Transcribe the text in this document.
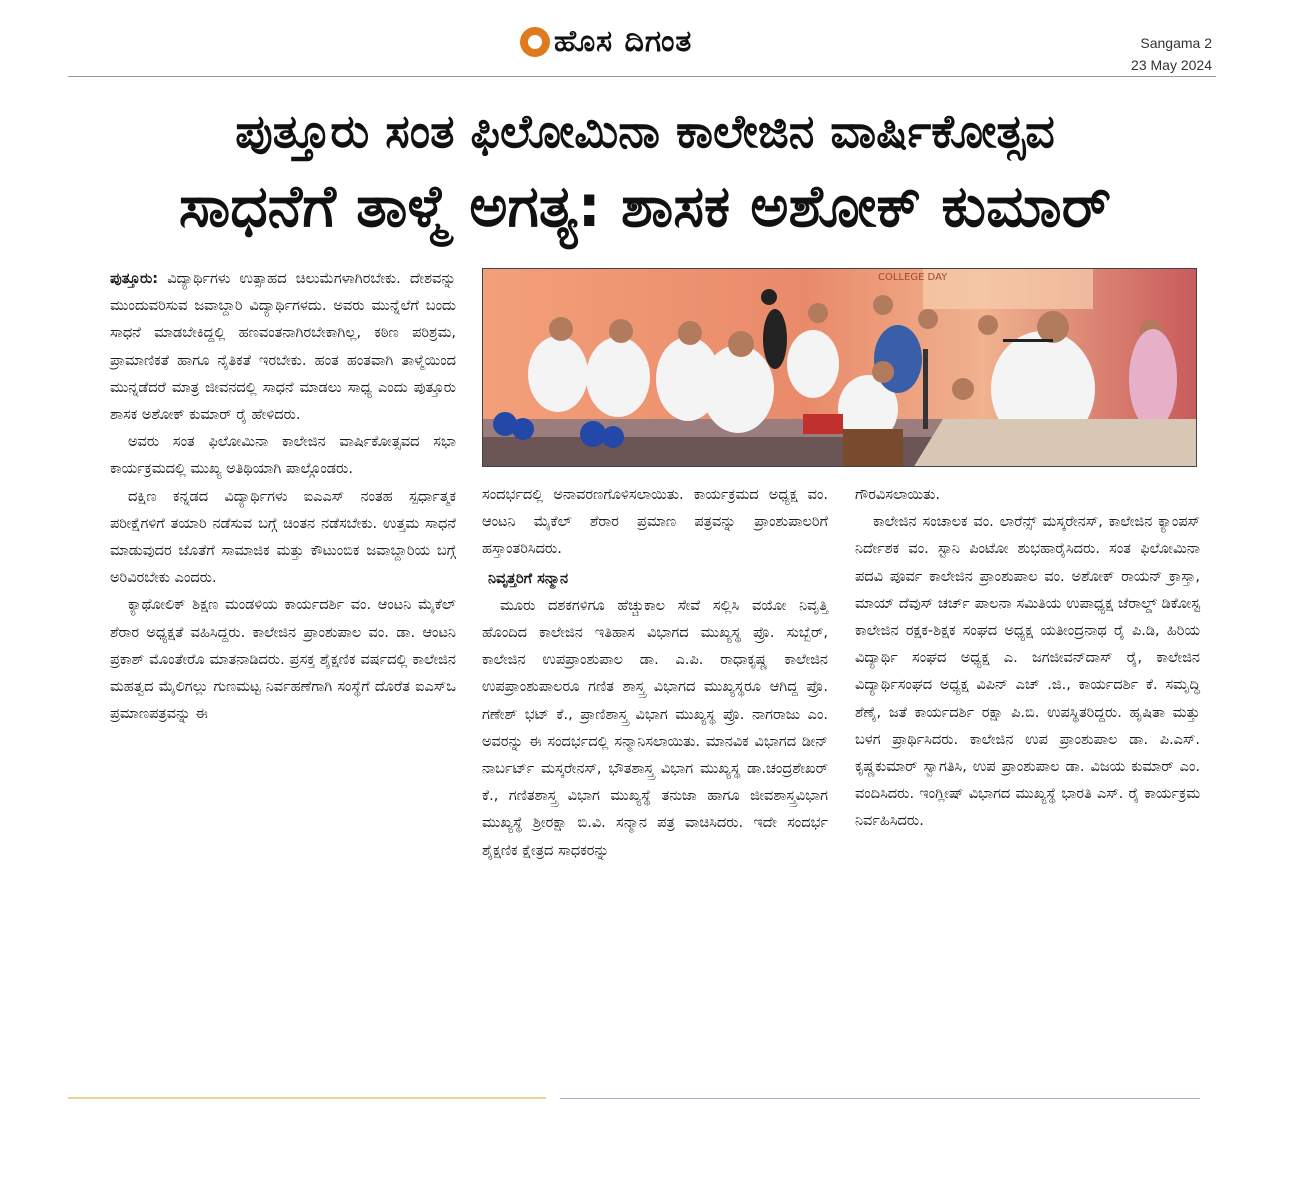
ಹೊಸ ದಿಗಂತ	Sangama 2
23 May 2024
ಪುತ್ತೂರು ಸಂತ ಫಿಲೋಮಿನಾ ಕಾಲೇಜಿನ ವಾರ್ಷಿಕೋತ್ಸವ
ಸಾಧನೆಗೆ ತಾಳ್ಮೆ ಅಗತ್ಯ: ಶಾಸಕ ಅಶೋಕ್ ಕುಮಾರ್

ಪುತ್ತೂರು: ವಿದ್ಯಾರ್ಥಿಗಳು ಉತ್ಸಾಹದ ಚಿಲುಮೆಗಳಾಗಿರಬೇಕು. ದೇಶವನ್ನು ಮುಂದುವರಿಸುವ ಜವಾಬ್ದಾರಿ ವಿದ್ಯಾರ್ಥಿಗಳದು. ಅವರು ಮುನ್ನೆಲೆಗೆ ಬಂದು ಸಾಧನೆ ಮಾಡಬೇಕಿದ್ದಲ್ಲಿ ಹಣವಂತನಾಗಿರಬೇಕಾಗಿಲ್ಲ, ಕಠಿಣ ಪರಿಶ್ರಮ, ಪ್ರಾಮಾಣಿಕತೆ ಹಾಗೂ ನೈತಿಕತೆ ಇರಬೇಕು. ಹಂತ ಹಂತವಾಗಿ ತಾಳ್ಮೆಯಿಂದ ಮುನ್ನಡೆದರೆ ಮಾತ್ರ ಜೀವನದಲ್ಲಿ ಸಾಧನೆ ಮಾಡಲು ಸಾಧ್ಯ ಎಂದು ಪುತ್ತೂರು ಶಾಸಕ ಅಶೋಕ್ ಕುಮಾರ್ ರೈ ಹೇಳಿದರು.

ಅವರು ಸಂತ ಫಿಲೋಮಿನಾ ಕಾಲೇಜಿನ ವಾರ್ಷಿಕೋತ್ಸವದ ಸಭಾ ಕಾರ್ಯಕ್ರಮದಲ್ಲಿ ಮುಖ್ಯ ಅತಿಥಿಯಾಗಿ ಪಾಲ್ಗೊಂಡರು.

ದಕ್ಷಿಣ ಕನ್ನಡದ ವಿದ್ಯಾರ್ಥಿಗಳು ಐಎಎಸ್ ನಂತಹ ಸ್ಪರ್ಧಾತ್ಮಕ ಪರೀಕ್ಷೆಗಳಿಗೆ ತಯಾರಿ ನಡೆಸುವ ಬಗ್ಗೆ ಚಿಂತನ ನಡೆಸಬೇಕು. ಉತ್ತಮ ಸಾಧನೆ ಮಾಡುವುದರ ಜೊತೆಗೆ ಸಾಮಾಜಿಕ ಮತ್ತು ಕೌಟುಂಬಿಕ ಜವಾಬ್ದಾರಿಯ ಬಗ್ಗೆ ಅರಿವಿರಬೇಕು ಎಂದರು.

ಕ್ಯಾಥೋಲಿಕ್ ಶಿಕ್ಷಣ ಮಂಡಳಿಯ ಕಾರ್ಯದರ್ಶಿ ವಂ. ಆಂಟನಿ ಮೈಕೆಲ್ ಶೆರಾರ ಅಧ್ಯಕ್ಷತೆ ವಹಿಸಿದ್ದರು. ಕಾಲೇಜಿನ ಪ್ರಾಂಶುಪಾಲ ವಂ. ಡಾ. ಆಂಟನಿ ಪ್ರಕಾಶ್ ಮೊಂತೇರೊ ಮಾತನಾಡಿದರು. ಪ್ರಸಕ್ತ ಶೈಕ್ಷಣಿಕ ವರ್ಷದಲ್ಲಿ ಕಾಲೇಜಿನ ಮಹತ್ವದ ಮೈಲಿಗಲ್ಲು ಗುಣಮಟ್ಟ ನಿರ್ವಹಣೆಗಾಗಿ ಸಂಸ್ಥೆಗೆ ದೊರೆತ ಐಎಸ್‌ಒ ಪ್ರಮಾಣಪತ್ರವನ್ನು ಈ

COLLEGE DAY

ಸಂದರ್ಭದಲ್ಲಿ ಅನಾವರಣಗೊಳಿಸಲಾಯಿತು. ಕಾರ್ಯಕ್ರಮದ ಅಧ್ಯಕ್ಷ ವಂ. ಆಂಟನಿ ಮೈಕೆಲ್ ಶೆರಾರ ಪ್ರಮಾಣ ಪತ್ರವನ್ನು ಪ್ರಾಂಶುಪಾಲರಿಗೆ ಹಸ್ತಾಂತರಿಸಿದರು.

ನಿವೃತ್ತರಿಗೆ ಸನ್ಮಾನ

ಮೂರು ದಶಕಗಳಿಗೂ ಹೆಚ್ಚುಕಾಲ ಸೇವೆ ಸಲ್ಲಿಸಿ ವಯೋ ನಿವೃತ್ತಿ ಹೊಂದಿದ ಕಾಲೇಜಿನ ಇತಿಹಾಸ ವಿಭಾಗದ ಮುಖ್ಯಸ್ಥ ಪ್ರೊ. ಸುಬ್ಬೆರ್, ಕಾಲೇಜಿನ ಉಪಪ್ರಾಂಶುಪಾಲ ಡಾ. ಎ.ಪಿ. ರಾಧಾಕೃಷ್ಣ ಕಾಲೇಜಿನ ಉಪಪ್ರಾಂಶುಪಾಲರೂ ಗಣಿತ ಶಾಸ್ತ್ರ ವಿಭಾಗದ ಮುಖ್ಯಸ್ಥರೂ ಆಗಿದ್ದ ಪ್ರೊ. ಗಣೇಶ್ ಭಟ್ ಕೆ., ಪ್ರಾಣಿಶಾಸ್ತ್ರ ವಿಭಾಗ ಮುಖ್ಯಸ್ಥ ಪ್ರೊ. ನಾಗರಾಜು ಎಂ. ಅವರನ್ನು ಈ ಸಂದರ್ಭದಲ್ಲಿ ಸನ್ಮಾನಿಸಲಾಯಿತು. ಮಾನವಿಕ ವಿಭಾಗದ ಡೀನ್ ನಾರ್ಬರ್ಟ್ ಮಸ್ಕರೇನಸ್, ಭೌತಶಾಸ್ತ್ರ ವಿಭಾಗ ಮುಖ್ಯಸ್ಥ ಡಾ.ಚಂದ್ರಶೇಖರ್ ಕೆ., ಗಣಿತಶಾಸ್ತ್ರ ವಿಭಾಗ ಮುಖ್ಯಸ್ಥೆ ತನುಜಾ ಹಾಗೂ ಜೀವಶಾಸ್ತ್ರವಿಭಾಗ ಮುಖ್ಯಸ್ಥೆ ಶ್ರೀರಕ್ಷಾ ಬಿ.ವಿ. ಸನ್ಮಾನ ಪತ್ರ ವಾಚಿಸಿದರು. ಇದೇ ಸಂದರ್ಭ ಶೈಕ್ಷಣಿಕ ಕ್ಷೇತ್ರದ ಸಾಧಕರನ್ನು

ಗೌರವಿಸಲಾಯಿತು.

ಕಾಲೇಜಿನ ಸಂಚಾಲಕ ವಂ. ಲಾರೆನ್ಸ್ ಮಸ್ಕರೇನಸ್, ಕಾಲೇಜಿನ ಕ್ಯಾಂಪಸ್ ನಿರ್ದೇಶಕ ವಂ. ಸ್ಟಾನಿ ಪಿಂಟೋ ಶುಭಹಾರೈಸಿದರು. ಸಂತ ಫಿಲೋಮಿನಾ ಪದವಿ ಪೂರ್ವ ಕಾಲೇಜಿನ ಪ್ರಾಂಶುಪಾಲ ವಂ. ಅಶೋಕ್ ರಾಯನ್ ಕ್ರಾಸ್ತಾ, ಮಾಯ್ ದೆವುಸ್ ಚರ್ಚ್ ಪಾಲನಾ ಸಮಿತಿಯ ಉಪಾಧ್ಯಕ್ಷ ಜೆರಾಲ್ಡ್ ಡಿಕೋಸ್ಟ ಕಾಲೇಜಿನ ರಕ್ಷಕ-ಶಿಕ್ಷಕ ಸಂಘದ ಅಧ್ಯಕ್ಷ ಯತೀಂದ್ರನಾಥ ರೈ ಪಿ.ಡಿ, ಹಿರಿಯ ವಿದ್ಯಾರ್ಥಿ ಸಂಘದ ಅಧ್ಯಕ್ಷ ಎ. ಜಗಜೀವನ್‌ದಾಸ್ ರೈ, ಕಾಲೇಜಿನ ವಿದ್ಯಾರ್ಥಿಸಂಘದ ಅಧ್ಯಕ್ಷ ವಿಪಿನ್ ಎಚ್ .ಜಿ., ಕಾರ್ಯದರ್ಶಿ ಕೆ. ಸಮೃದ್ಧಿ ಶೆಣೈ, ಜತೆ ಕಾರ್ಯದರ್ಶಿ ರಕ್ಷಾ ಪಿ.ಬಿ. ಉಪಸ್ಥಿತರಿದ್ದರು. ಹೃಷಿತಾ ಮತ್ತು ಬಳಗ ಪ್ರಾರ್ಥಿಸಿದರು. ಕಾಲೇಜಿನ ಉಪ ಪ್ರಾಂಶುಪಾಲ ಡಾ. ಪಿ.ಎಸ್. ಕೃಷ್ಣಕುಮಾರ್ ಸ್ವಾಗತಿಸಿ, ಉಪ ಪ್ರಾಂಶುಪಾಲ ಡಾ. ವಿಜಯ ಕುಮಾರ್ ಎಂ. ವಂದಿಸಿದರು. ಇಂಗ್ಲೀಷ್ ವಿಭಾಗದ ಮುಖ್ಯಸ್ಥೆ ಭಾರತಿ ಎಸ್. ರೈ ಕಾರ್ಯಕ್ರಮ ನಿರ್ವಹಿಸಿದರು.
